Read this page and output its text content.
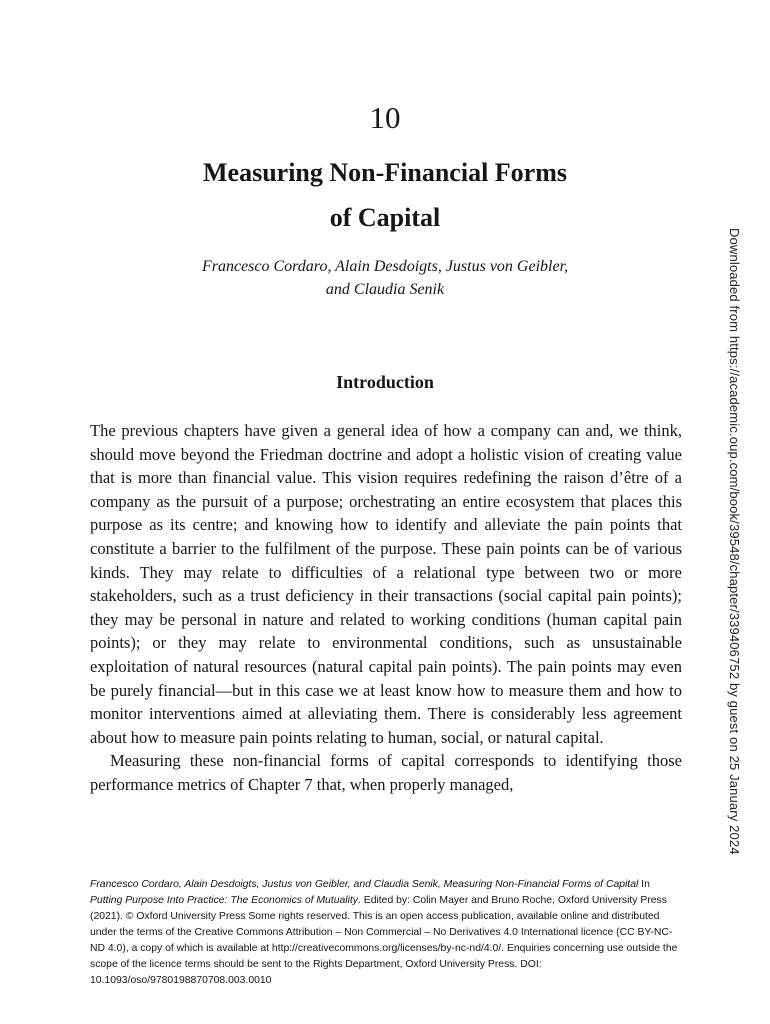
10
Measuring Non-Financial Forms
of Capital
Francesco Cordaro, Alain Desdoigts, Justus von Geibler,
and Claudia Senik
Introduction

The previous chapters have given a general idea of how a company can and, we think, should move beyond the Friedman doctrine and adopt a holistic vision of creating value that is more than financial value. This vision requires redefining the raison d’être of a company as the pursuit of a purpose; orchestrating an entire ecosystem that places this purpose as its centre; and knowing how to identify and alleviate the pain points that constitute a barrier to the fulfilment of the purpose. These pain points can be of various kinds. They may relate to difficulties of a relational type between two or more stakeholders, such as a trust deficiency in their transactions (social capital pain points); they may be personal in nature and related to working conditions (human capital pain points); or they may relate to environmental conditions, such as unsustainable exploitation of natural resources (natural capital pain points). The pain points may even be purely financial—but in this case we at least know how to measure them and how to monitor interventions aimed at alleviating them. There is considerably less agreement about how to measure pain points relating to human, social, or natural capital.

Measuring these non-financial forms of capital corresponds to identifying those performance metrics of Chapter 7 that, when properly managed,

Francesco Cordaro, Alain Desdoigts, Justus von Geibler, and Claudia Senik, Measuring Non-Financial Forms of Capital In Putting Purpose Into Practice: The Economics of Mutuality. Edited by: Colin Mayer and Bruno Roche, Oxford University Press (2021). © Oxford University Press Some rights reserved. This is an open access publication, available online and distributed under the terms of the Creative Commons Attribution – Non Commercial – No Derivatives 4.0 International licence (CC BY-NC-ND 4.0), a copy of which is available at http://creativecommons.org/licenses/by-nc-nd/4.0/. Enquiries concerning use outside the scope of the licence terms should be sent to the Rights Department, Oxford University Press. DOI: 10.1093/oso/9780198870708.003.0010

Downloaded from https://academic.oup.com/book/39548/chapter/339406752 by guest on 25 January 2024
